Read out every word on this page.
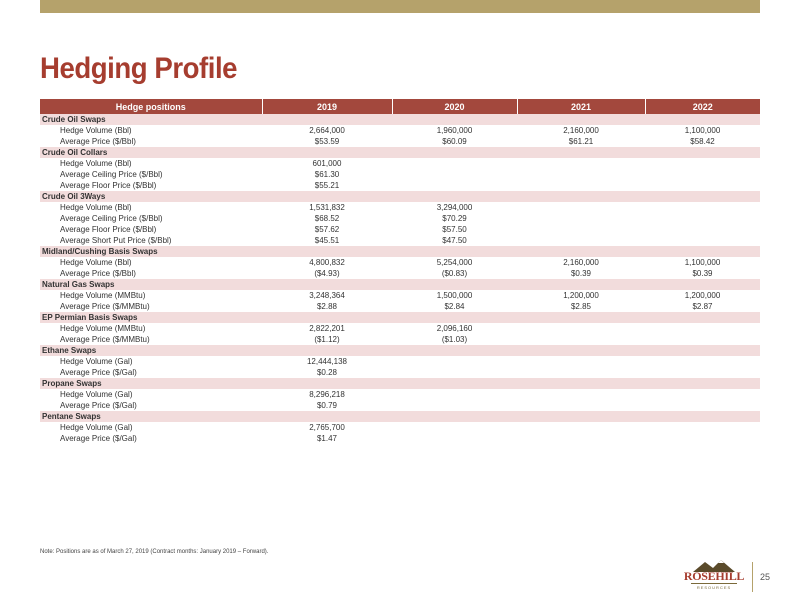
Hedging Profile
Hedge positions	2019	2020	2021	2022
Crude Oil Swaps				
Hedge Volume (Bbl)	2,664,000	1,960,000	2,160,000	1,100,000
Average Price ($/Bbl)	$53.59	$60.09	$61.21	$58.42
Crude Oil Collars				
Hedge Volume (Bbl)	601,000			
Average Ceiling Price ($/Bbl)	$61.30			
Average Floor Price ($/Bbl)	$55.21			
Crude Oil 3Ways				
Hedge Volume (Bbl)	1,531,832	3,294,000		
Average Ceiling Price ($/Bbl)	$68.52	$70.29		
Average Floor Price ($/Bbl)	$57.62	$57.50		
Average Short Put Price ($/Bbl)	$45.51	$47.50		
Midland/Cushing Basis Swaps				
Hedge Volume (Bbl)	4,800,832	5,254,000	2,160,000	1,100,000
Average Price ($/Bbl)	($4.93)	($0.83)	$0.39	$0.39
Natural Gas Swaps				
Hedge Volume (MMBtu)	3,248,364	1,500,000	1,200,000	1,200,000
Average Price ($/MMBtu)	$2.88	$2.84	$2.85	$2.87
EP Permian Basis Swaps				
Hedge Volume (MMBtu)	2,822,201	2,096,160		
Average Price ($/MMBtu)	($1.12)	($1.03)		
Ethane Swaps				
Hedge Volume (Gal)	12,444,138			
Average Price ($/Gal)	$0.28			
Propane Swaps				
Hedge Volume (Gal)	8,296,218			
Average Price ($/Gal)	$0.79			
Pentane Swaps				
Hedge Volume (Gal)	2,765,700			
Average Price ($/Gal)	$1.47			
Note: Positions are as of March 27, 2019 (Contract months: January 2019 – Forward).
ROSEHILL
RESOURCES
25
